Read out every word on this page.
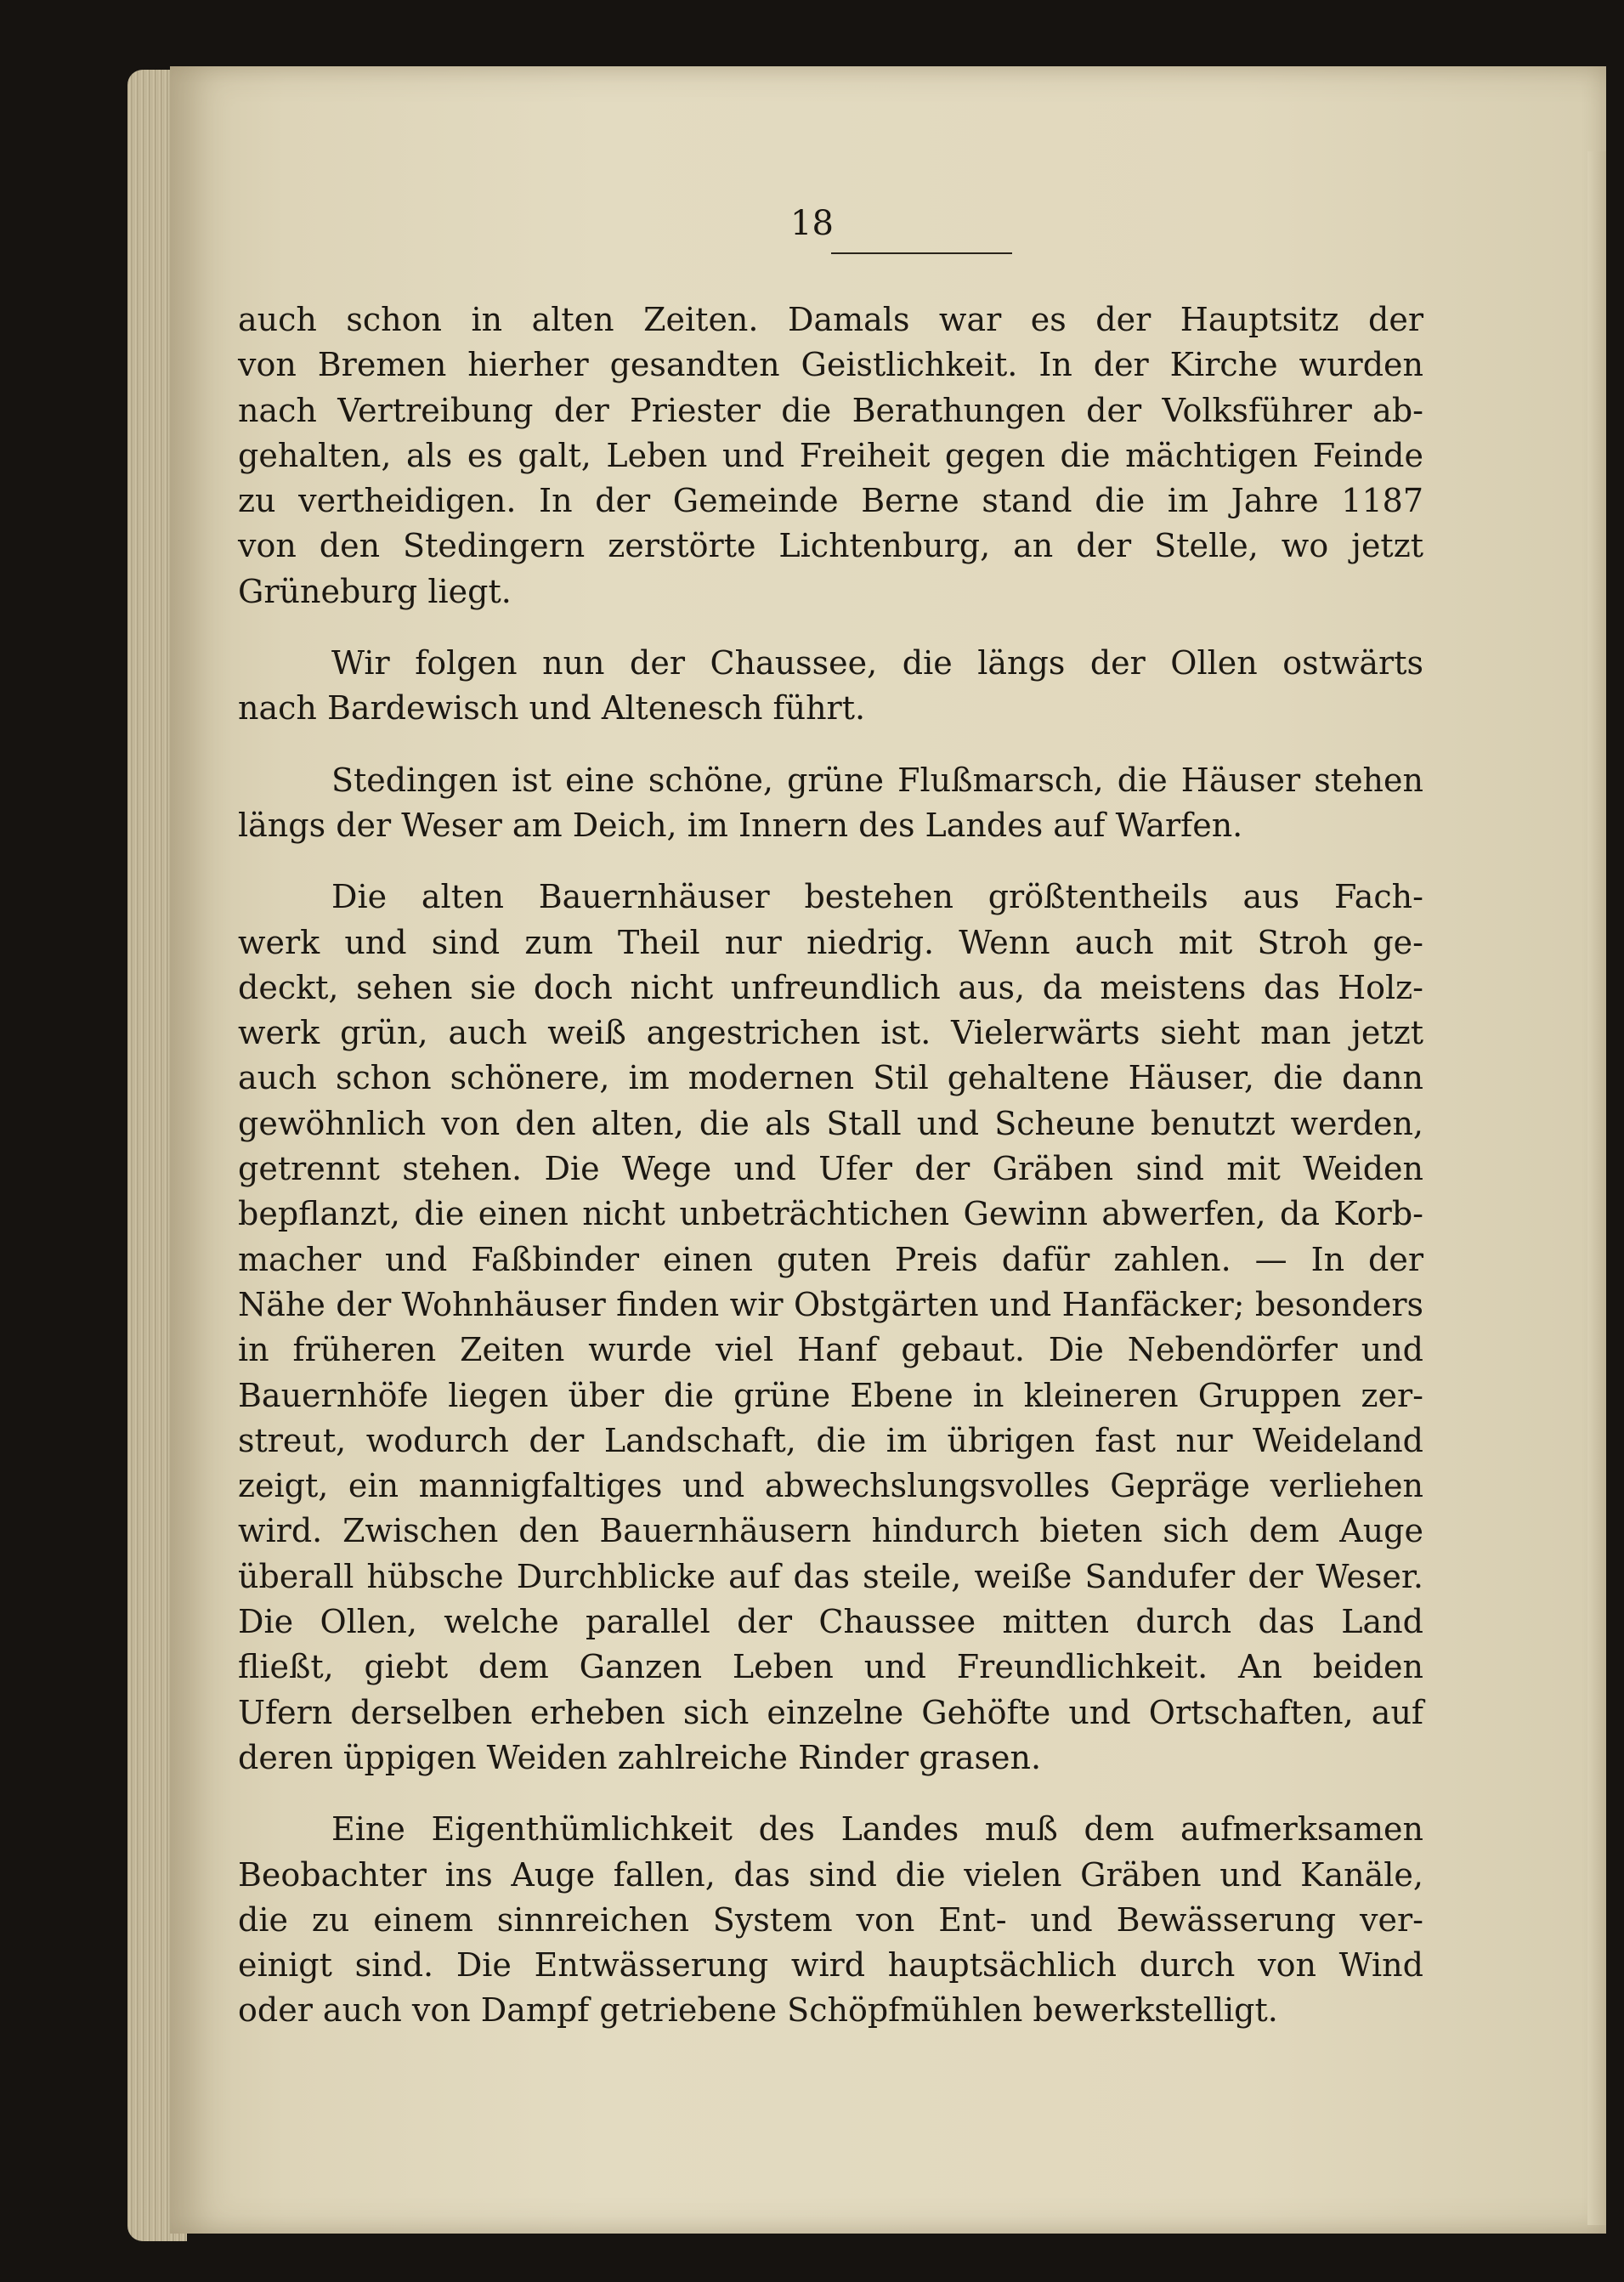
18
auch schon in alten Zeiten. Damals war es der Hauptsitz der
von Bremen hierher gesandten Geistlichkeit. In der Kirche wurden
nach Vertreibung der Priester die Berathungen der Volksführer ab-
gehalten, als es galt, Leben und Freiheit gegen die mächtigen Feinde
zu vertheidigen. In der Gemeinde Berne stand die im Jahre 1187
von den Stedingern zerstörte Lichtenburg, an der Stelle, wo jetzt
Grüneburg liegt.
Wir folgen nun der Chaussee, die längs der Ollen ostwärts
nach Bardewisch und Altenesch führt.
Stedingen ist eine schöne, grüne Flußmarsch, die Häuser stehen
längs der Weser am Deich, im Innern des Landes auf Warfen.
Die alten Bauernhäuser bestehen größtentheils aus Fach-
werk und sind zum Theil nur niedrig. Wenn auch mit Stroh ge-
deckt, sehen sie doch nicht unfreundlich aus, da meistens das Holz-
werk grün, auch weiß angestrichen ist. Vielerwärts sieht man jetzt
auch schon schönere, im modernen Stil gehaltene Häuser, die dann
gewöhnlich von den alten, die als Stall und Scheune benutzt werden,
getrennt stehen. Die Wege und Ufer der Gräben sind mit Weiden
bepflanzt, die einen nicht unbeträchtichen Gewinn abwerfen, da Korb-
macher und Faßbinder einen guten Preis dafür zahlen. — In der
Nähe der Wohnhäuser finden wir Obstgärten und Hanfäcker; besonders
in früheren Zeiten wurde viel Hanf gebaut. Die Nebendörfer und
Bauernhöfe liegen über die grüne Ebene in kleineren Gruppen zer-
streut, wodurch der Landschaft, die im übrigen fast nur Weideland
zeigt, ein mannigfaltiges und abwechslungsvolles Gepräge verliehen
wird. Zwischen den Bauernhäusern hindurch bieten sich dem Auge
überall hübsche Durchblicke auf das steile, weiße Sandufer der Weser.
Die Ollen, welche parallel der Chaussee mitten durch das Land
fließt, giebt dem Ganzen Leben und Freundlichkeit. An beiden
Ufern derselben erheben sich einzelne Gehöfte und Ortschaften, auf
deren üppigen Weiden zahlreiche Rinder grasen.
Eine Eigenthümlichkeit des Landes muß dem aufmerksamen
Beobachter ins Auge fallen, das sind die vielen Gräben und Kanäle,
die zu einem sinnreichen System von Ent- und Bewässerung ver-
einigt sind. Die Entwässerung wird hauptsächlich durch von Wind
oder auch von Dampf getriebene Schöpfmühlen bewerkstelligt.
